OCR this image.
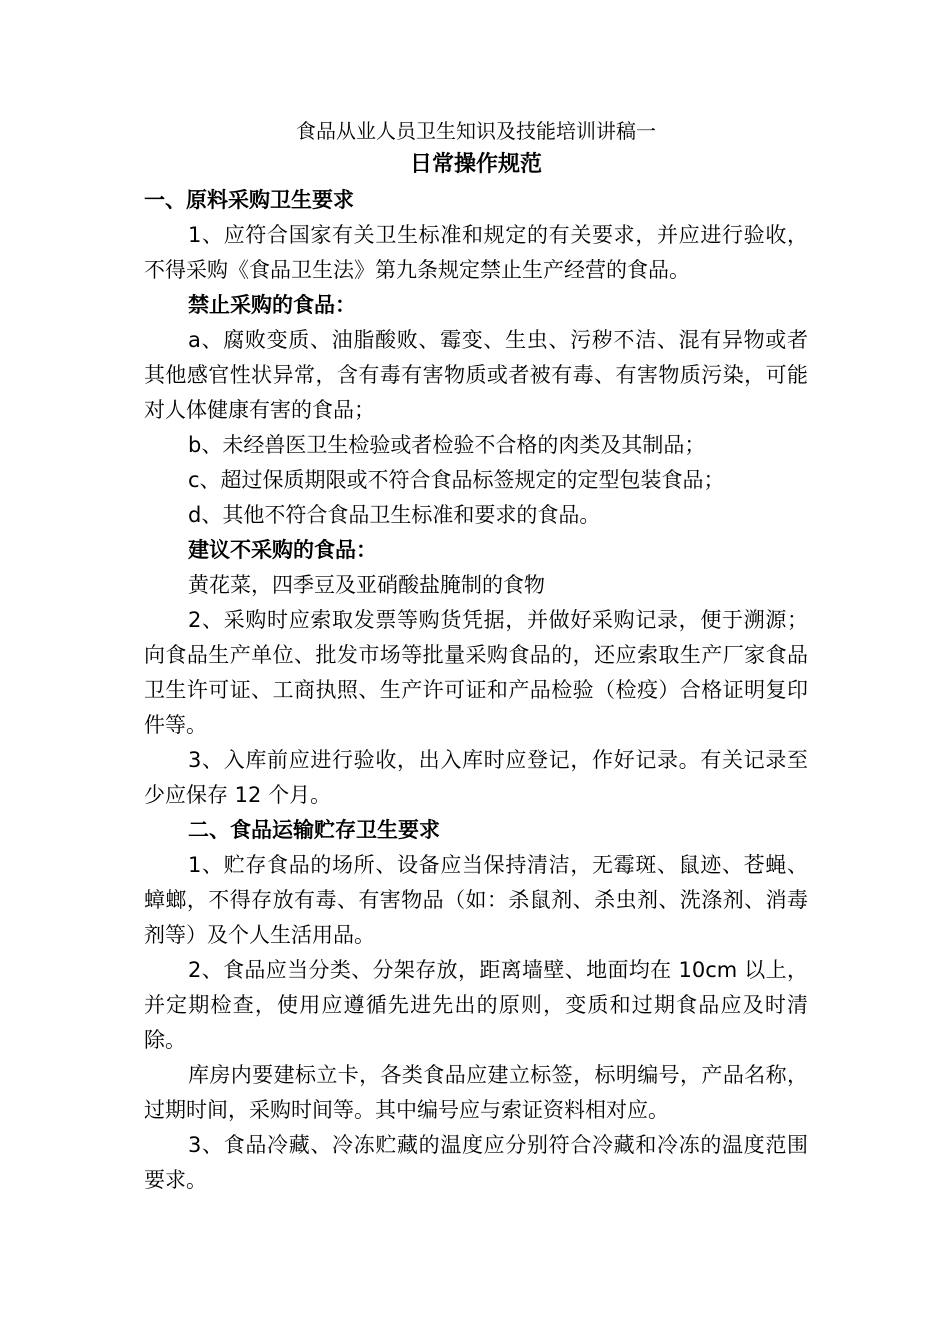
食品从业人员卫生知识及技能培训讲稿一

日常操作规范

一、原料采购卫生要求

1、应符合国家有关卫生标准和规定的有关要求，并应进行验收，不得采购《食品卫生法》第九条规定禁止生产经营的食品。

禁止采购的食品：

a、腐败变质、油脂酸败、霉变、生虫、污秽不洁、混有异物或者其他感官性状异常，含有毒有害物质或者被有毒、有害物质污染，可能对人体健康有害的食品；

b、未经兽医卫生检验或者检验不合格的肉类及其制品；

c、超过保质期限或不符合食品标签规定的定型包装食品；

d、其他不符合食品卫生标准和要求的食品。

建议不采购的食品：

黄花菜，四季豆及亚硝酸盐腌制的食物

2、采购时应索取发票等购货凭据，并做好采购记录，便于溯源；向食品生产单位、批发市场等批量采购食品的，还应索取生产厂家食品卫生许可证、工商执照、生产许可证和产品检验（检疫）合格证明复印件等。

3、入库前应进行验收，出入库时应登记，作好记录。有关记录至少应保存 12 个月。

二、食品运输贮存卫生要求

1、贮存食品的场所、设备应当保持清洁，无霉斑、鼠迹、苍蝇、蟑螂，不得存放有毒、有害物品（如：杀鼠剂、杀虫剂、洗涤剂、消毒剂等）及个人生活用品。

2、食品应当分类、分架存放，距离墙壁、地面均在 10cm 以上，并定期检查，使用应遵循先进先出的原则，变质和过期食品应及时清除。

库房内要建标立卡，各类食品应建立标签，标明编号，产品名称，过期时间，采购时间等。其中编号应与索证资料相对应。

3、食品冷藏、冷冻贮藏的温度应分别符合冷藏和冷冻的温度范围要求。
